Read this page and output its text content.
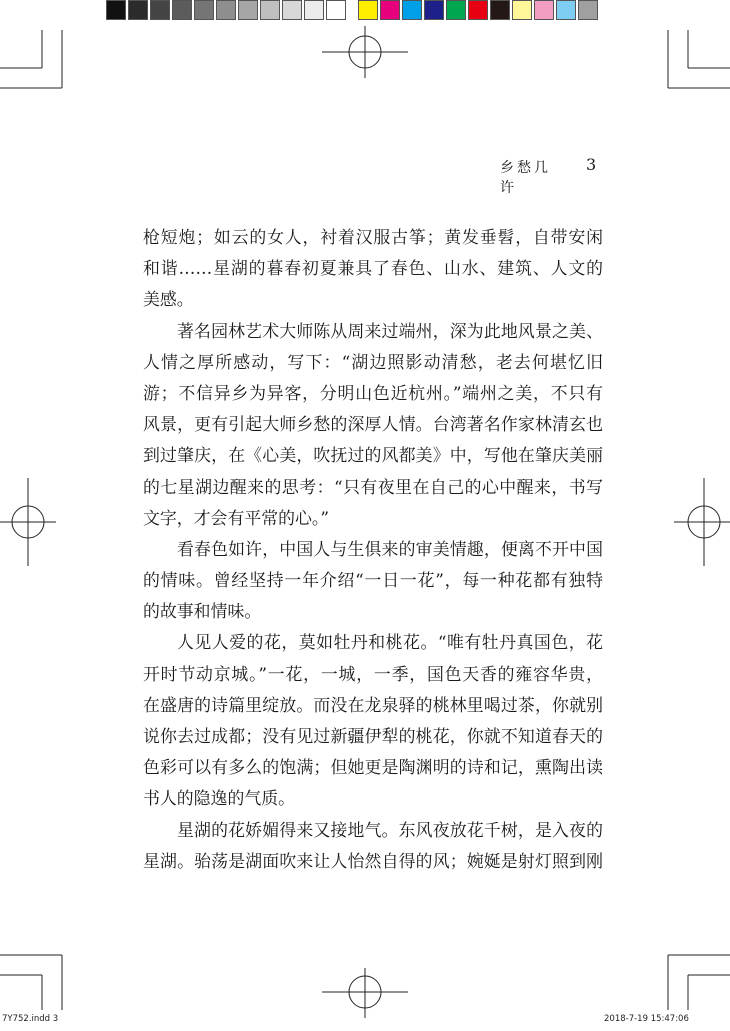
乡愁几许
3
枪短炮；如云的女人，衬着汉服古筝；黄发垂髫，自带安闲
和谐……星湖的暮春初夏兼具了春色、山水、建筑、人文的
美感。
著名园林艺术大师陈从周来过端州，深为此地风景之美、
人情之厚所感动，写下：“湖边照影动清愁，老去何堪忆旧
游；不信异乡为异客，分明山色近杭州。”端州之美，不只有
风景，更有引起大师乡愁的深厚人情。台湾著名作家林清玄也
到过肇庆，在《心美，吹抚过的风都美》中，写他在肇庆美丽
的七星湖边醒来的思考：“只有夜里在自己的心中醒来，书写
文字，才会有平常的心。”
看春色如许，中国人与生俱来的审美情趣，便离不开中国
的情味。曾经坚持一年介绍“一日一花”，每一种花都有独特
的故事和情味。
人见人爱的花，莫如牡丹和桃花。“唯有牡丹真国色，花
开时节动京城。”一花，一城，一季，国色天香的雍容华贵，
在盛唐的诗篇里绽放。而没在龙泉驿的桃林里喝过茶，你就别
说你去过成都；没有见过新疆伊犁的桃花，你就不知道春天的
色彩可以有多么的饱满；但她更是陶渊明的诗和记，熏陶出读
书人的隐逸的气质。
星湖的花娇媚得来又接地气。东风夜放花千树，是入夜的
星湖。骀荡是湖面吹来让人怡然自得的风；婉娫是射灯照到刚
7Y752.indd 3	2018-7-19 15:47:06
